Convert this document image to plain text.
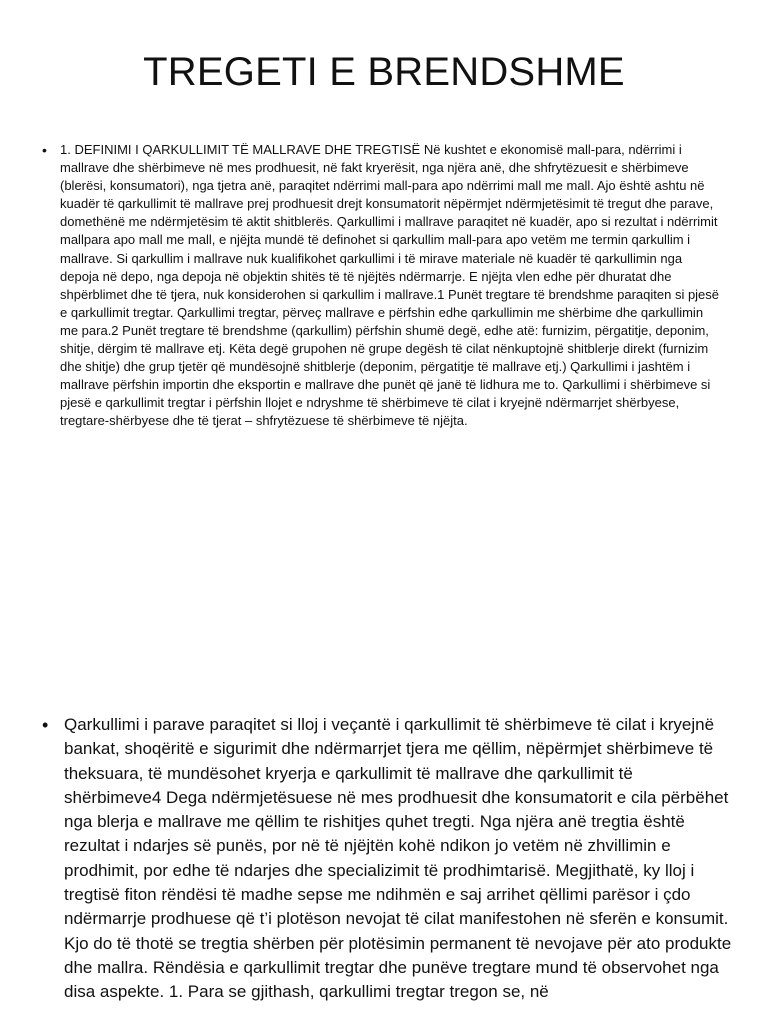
TREGETI E BRENDSHME
•	1. DEFINIMI I QARKULLIMIT TË MALLRAVE DHE TREGTISË Në kushtet e ekonomisë mall-para, ndërrimi i mallrave dhe shërbimeve në mes prodhuesit, në fakt kryerësit, nga njëra anë, dhe shfrytëzuesit e shërbimeve (blerësi, konsumatori), nga tjetra anë, paraqitet ndërrimi mall-para apo ndërrimi mall me mall. Ajo është ashtu në kuadër të qarkullimit të mallrave prej prodhuesit drejt konsumatorit nëpërmjet ndërmjetësimit të tregut dhe parave, domethënë me ndërmjetësim të aktit shitblerës. Qarkullimi i mallrave paraqitet në kuadër, apo si rezultat i ndërrimit mallpara apo mall me mall, e njëjta mundë të definohet si qarkullim mall-para apo vetëm me termin qarkullim i mallrave. Si qarkullim i mallrave nuk kualifikohet qarkullimi i të mirave materiale në kuadër të qarkullimin nga depoja në depo, nga depoja në objektin shitës të të njëjtës ndërmarrje. E njëjta vlen edhe për dhuratat dhe shpërblimet dhe të tjera, nuk konsiderohen si qarkullim i mallrave.1 Punët tregtare të brendshme paraqiten si pjesë e qarkullimit tregtar. Qarkullimi tregtar, përveç mallrave e përfshin edhe qarkullimin me shërbime dhe qarkullimin me para.2 Punët tregtare të brendshme (qarkullim) përfshin shumë degë, edhe atë: furnizim, përgatitje, deponim, shitje, dërgim të mallrave etj. Këta degë grupohen në grupe degësh të cilat nënkuptojnë shitblerje direkt (furnizim dhe shitje) dhe grup tjetër që mundësojnë shitblerje (deponim, përgatitje të mallrave etj.) Qarkullimi i jashtëm i mallrave përfshin importin dhe eksportin e mallrave dhe punët që janë të lidhura me to. Qarkullimi i shërbimeve si pjesë e qarkullimit tregtar i përfshin llojet e ndryshme të shërbimeve të cilat i kryejnë ndërmarrjet shërbyese, tregtare-shërbyese dhe të tjerat – shfrytëzuese të shërbimeve të njëjta.
• Qarkullimi i parave paraqitet si lloj i veçantë i qarkullimit të shërbimeve të cilat i kryejnë bankat, shoqëritë e sigurimit dhe ndërmarrjet tjera me qëllim, nëpërmjet shërbimeve të theksuara, të mundësohet kryerja e qarkullimit të mallrave dhe qarkullimit të shërbimeve4 Dega ndërmjetësuese në mes prodhuesit dhe konsumatorit e cila përbëhet nga blerja e mallrave me qëllim te rishitjes quhet tregti. Nga njëra anë tregtia është rezultat i ndarjes së punës, por në të njëjtën kohë ndikon jo vetëm në zhvillimin e prodhimit, por edhe të ndarjes dhe specializimit të prodhimtarisë. Megjithatë, ky lloj i tregtisë fiton rëndësi të madhe sepse me ndihmën e saj arrihet qëllimi parësor i çdo ndërmarrje prodhuese që t’i plotëson nevojat të cilat manifestohen në sferën e konsumit. Kjo do të thotë se tregtia shërben për plotësimin permanent të nevojave për ato produkte dhe mallra. Rëndësia e qarkullimit tregtar dhe punëve tregtare mund të observohet nga disa aspekte. 1. Para se gjithash, qarkullimi tregtar tregon se, në
